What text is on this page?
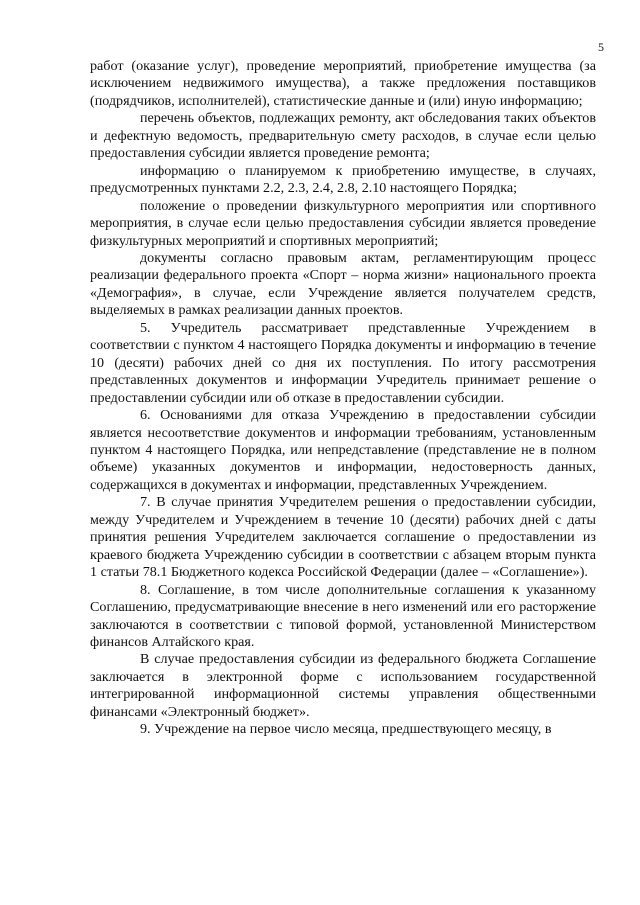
5

работ (оказание услуг), проведение мероприятий, приобретение имущества (за исключением недвижимого имущества), а также предложения поставщиков (подрядчиков, исполнителей), статистические данные и (или) иную информацию;

перечень объектов, подлежащих ремонту, акт обследования таких объектов и дефектную ведомость, предварительную смету расходов, в случае если целью предоставления субсидии является проведение ремонта;

информацию о планируемом к приобретению имуществе, в случаях, предусмотренных пунктами 2.2, 2.3, 2.4, 2.8, 2.10 настоящего Порядка;

положение о проведении физкультурного мероприятия или спортивного мероприятия, в случае если целью предоставления субсидии является проведение физкультурных мероприятий и спортивных мероприятий;

документы согласно правовым актам, регламентирующим процесс реализации федерального проекта «Спорт – норма жизни» национального проекта «Демография», в случае, если Учреждение является получателем средств, выделяемых в рамках реализации данных проектов.

5. Учредитель рассматривает представленные Учреждением в соответствии с пунктом 4 настоящего Порядка документы и информацию в течение 10 (десяти) рабочих дней со дня их поступления. По итогу рассмотрения представленных документов и информации Учредитель принимает решение о предоставлении субсидии или об отказе в предоставлении субсидии.

6. Основаниями для отказа Учреждению в предоставлении субсидии является несоответствие документов и информации требованиям, установленным пунктом 4 настоящего Порядка, или непредставление (представление не в полном объеме) указанных документов и информации, недостоверность данных, содержащихся в документах и информации, представленных Учреждением.

7. В случае принятия Учредителем решения о предоставлении субсидии, между Учредителем и Учреждением в течение 10 (десяти) рабочих дней с даты принятия решения Учредителем заключается соглашение о предоставлении из краевого бюджета Учреждению субсидии в соответствии с абзацем вторым пункта 1 статьи 78.1 Бюджетного кодекса Российской Федерации (далее – «Соглашение»).

8. Соглашение, в том числе дополнительные соглашения к указанному Соглашению, предусматривающие внесение в него изменений или его расторжение заключаются в соответствии с типовой формой, установленной Министерством финансов Алтайского края.

В случае предоставления субсидии из федерального бюджета Соглашение заключается в электронной форме с использованием государственной интегрированной информационной системы управления общественными финансами «Электронный бюджет».

9. Учреждение на первое число месяца, предшествующего месяцу, в
